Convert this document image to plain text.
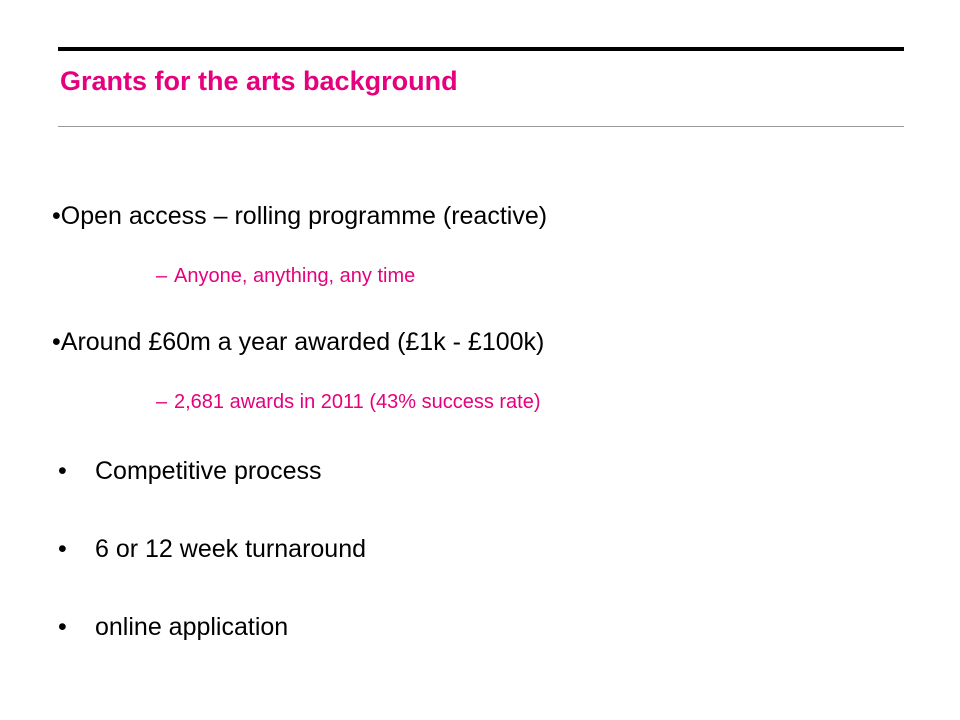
Grants for the arts background
•Open access – rolling programme (reactive)
– Anyone, anything, any time
•Around £60m a year awarded (£1k - £100k)
– 2,681 awards in 2011 (43% success rate)
• Competitive process
• 6 or 12 week turnaround
• online application
